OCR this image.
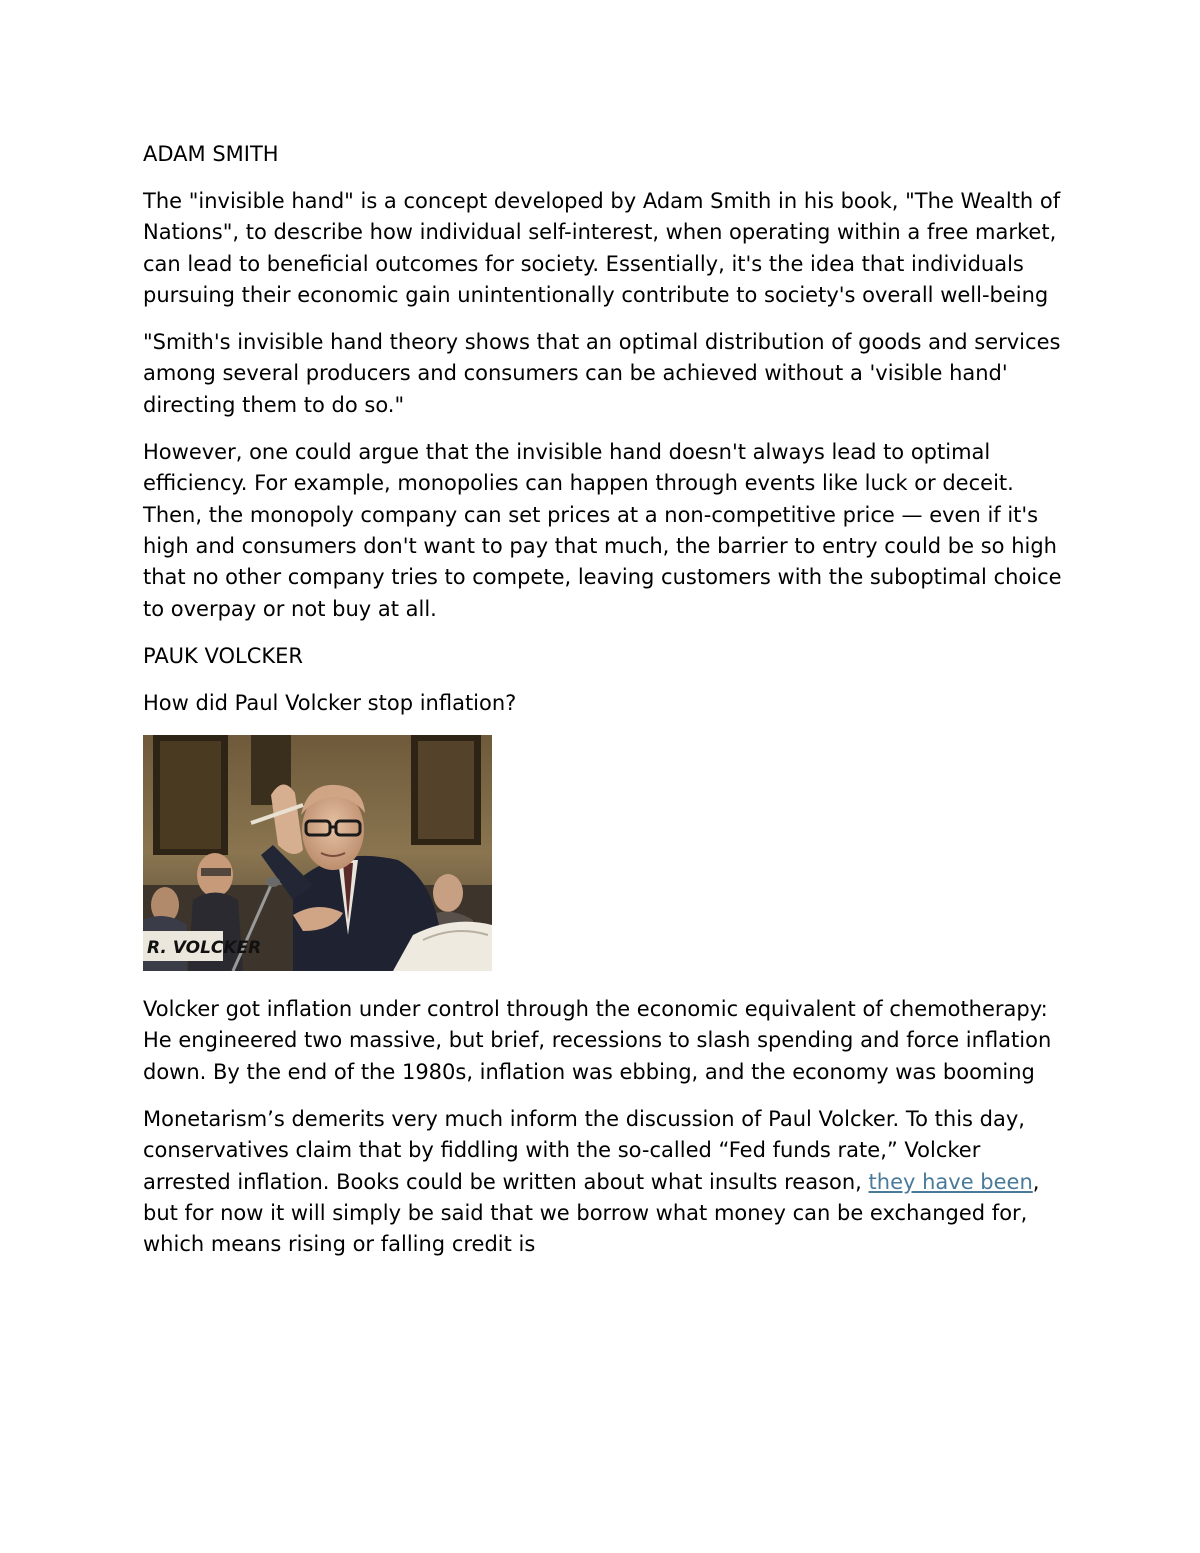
ADAM SMITH

The "invisible hand" is a concept developed by Adam Smith in his book, "The Wealth of Nations", to describe how individual self-interest, when operating within a free market, can lead to beneficial outcomes for society. Essentially, it's the idea that individuals pursuing their economic gain unintentionally contribute to society's overall well-being

"Smith's invisible hand theory shows that an optimal distribution of goods and services among several producers and consumers can be achieved without a 'visible hand' directing them to do so."

However, one could argue that the invisible hand doesn't always lead to optimal efficiency. For example, monopolies can happen through events like luck or deceit. Then, the monopoly company can set prices at a non-competitive price — even if it's high and consumers don't want to pay that much, the barrier to entry could be so high that no other company tries to compete, leaving customers with the suboptimal choice to overpay or not buy at all.

PAUK VOLCKER

How did Paul Volcker stop inflation?

R. VOLCKER

Volcker got inflation under control through the economic equivalent of chemotherapy: He engineered two massive, but brief, recessions to slash spending and force inflation down. By the end of the 1980s, inflation was ebbing, and the economy was booming

Monetarism’s demerits very much inform the discussion of Paul Volcker. To this day, conservatives claim that by fiddling with the so-called “Fed funds rate,” Volcker arrested inflation. Books could be written about what insults reason, they have been, but for now it will simply be said that we borrow what money can be exchanged for, which means rising or falling credit is
